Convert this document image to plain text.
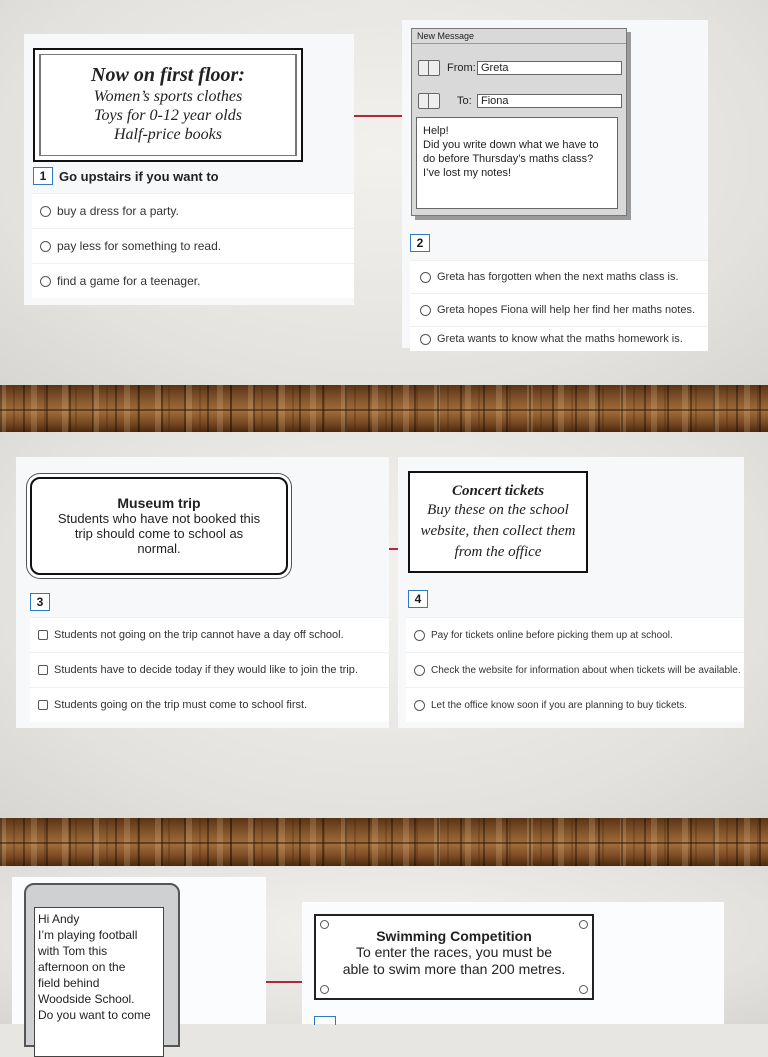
Now on first floor:
Women’s sports clothes
Toys for 0-12 year olds
Half-price books
1 Go upstairs if you want to
buy a dress for a party.
pay less for something to read.
find a game for a teenager.
New Message
From: Greta
To: Fiona
Help!
Did you write down what we have to
do before Thursday’s maths class?
I’ve lost my notes!
2
Greta has forgotten when the next maths class is.
Greta hopes Fiona will help her find her maths notes.
Greta wants to know what the maths homework is.
Museum trip
Students who have not booked this
trip should come to school as
normal.
3
Students not going on the trip cannot have a day off school.
Students have to decide today if they would like to join the trip.
Students going on the trip must come to school first.
Concert tickets
Buy these on the school
website, then collect them
from the office
4
Pay for tickets online before picking them up at school.
Check the website for information about when tickets will be available.
Let the office know soon if you are planning to buy tickets.
Hi Andy
I’m playing football
with Tom this
afternoon on the
field behind
Woodside School.
Do you want to come
Swimming Competition
To enter the races, you must be
able to swim more than 200 metres.
